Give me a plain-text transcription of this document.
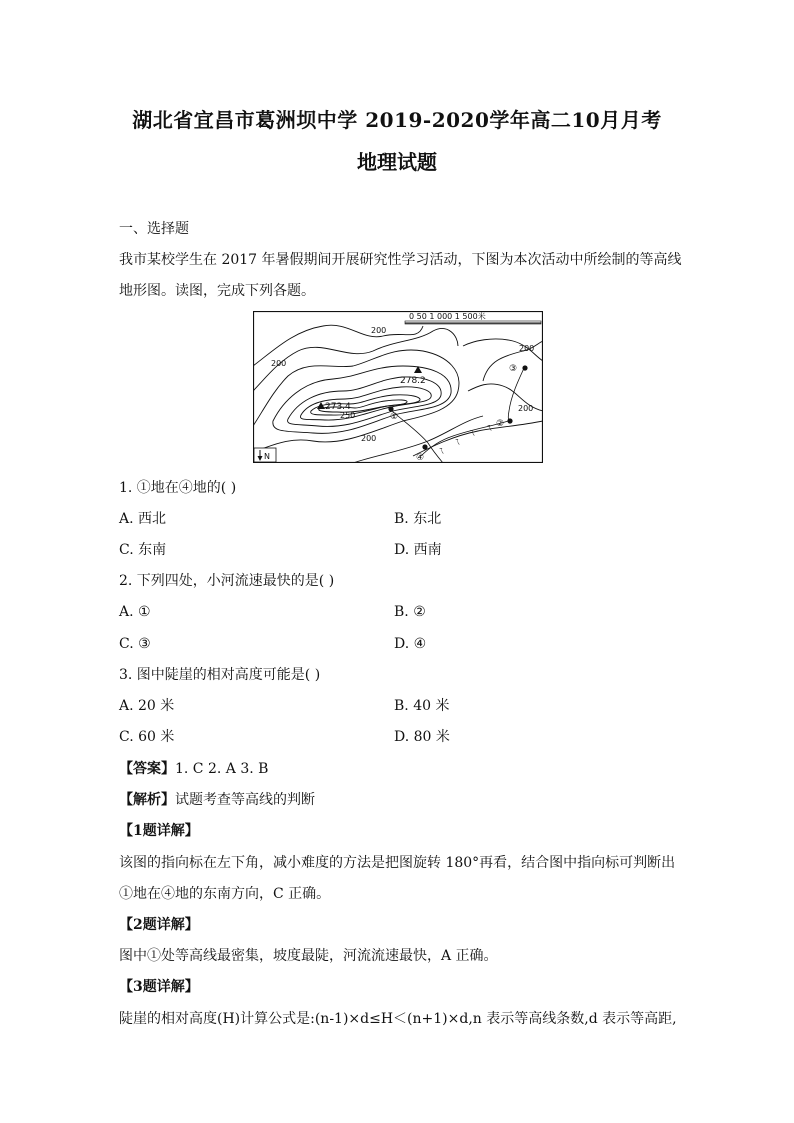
湖北省宜昌市葛洲坝中学 2019-2020学年高二10月月考
地理试题
一、选择题
我市某校学生在 2017 年暑假期间开展研究性学习活动，下图为本次活动中所绘制的等高线
地形图。读图，完成下列各题。
0 50 1 000 1 500米
278.2
273.4
200
200
200
250
200
200
①
②
③
④
ㄟ
ㄟ
ㄟ
ㄟ
N
1. ①地在④地的( )
A. 西北	B. 东北
C. 东南	D. 西南
2. 下列四处，小河流速最快的是( )
A. ①	B. ②
C. ③	D. ④
3. 图中陡崖的相对高度可能是( )
A. 20 米	B. 40 米
C. 60 米	D. 80 米
【答案】1. C 2. A 3. B
【解析】试题考查等高线的判断
【1题详解】
该图的指向标在左下角，减小难度的方法是把图旋转 180°再看，结合图中指向标可判断出
①地在④地的东南方向，C 正确。
【2题详解】
图中①处等高线最密集，坡度最陡，河流流速最快，A 正确。
【3题详解】
陡崖的相对高度(H)计算公式是:(n-1)×d≤H＜(n+1)×d,n 表示等高线条数,d 表示等高距,
